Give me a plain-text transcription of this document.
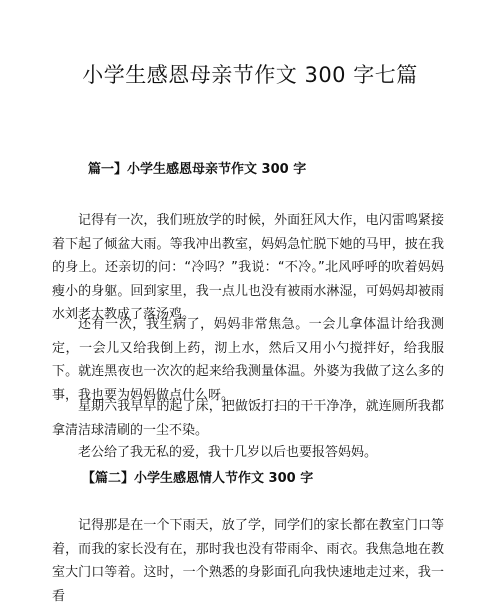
小学生感恩母亲节作文 300 字七篇
篇一】小学生感恩母亲节作文 300 字

记得有一次，我们班放学的时候，外面狂风大作，电闪雷鸣紧接着下起了倾盆大雨。等我冲出教室，妈妈急忙脱下她的马甲，披在我的身上。还亲切的问：“冷吗？”我说：“不冷。”北风呼呼的吹着妈妈瘦小的身躯。回到家里，我一点儿也没有被雨水淋湿，可妈妈却被雨水刘老太教成了落汤鸡。

还有一次，我生病了，妈妈非常焦急。一会儿拿体温计给我测定，一会儿又给我倒上药，沏上水，然后又用小勺搅拌好，给我服下。就连黑夜也一次次的起来给我测量体温。外婆为我做了这么多的事，我也要为妈妈做点什么呀。

星期六我早早的起了床，把做饭打扫的干干净净，就连厕所我都拿清洁球清刷的一尘不染。

老公给了我无私的爱，我十几岁以后也要报答妈妈。

【篇二】小学生感恩情人节作文 300 字

记得那是在一个下雨天，放了学，同学们的家长都在教室门口等着，而我的家长没有在，那时我也没有带雨伞、雨衣。我焦急地在教室大门口等着。这时，一个熟悉的身影面孔向我快速地走过来，我一看
